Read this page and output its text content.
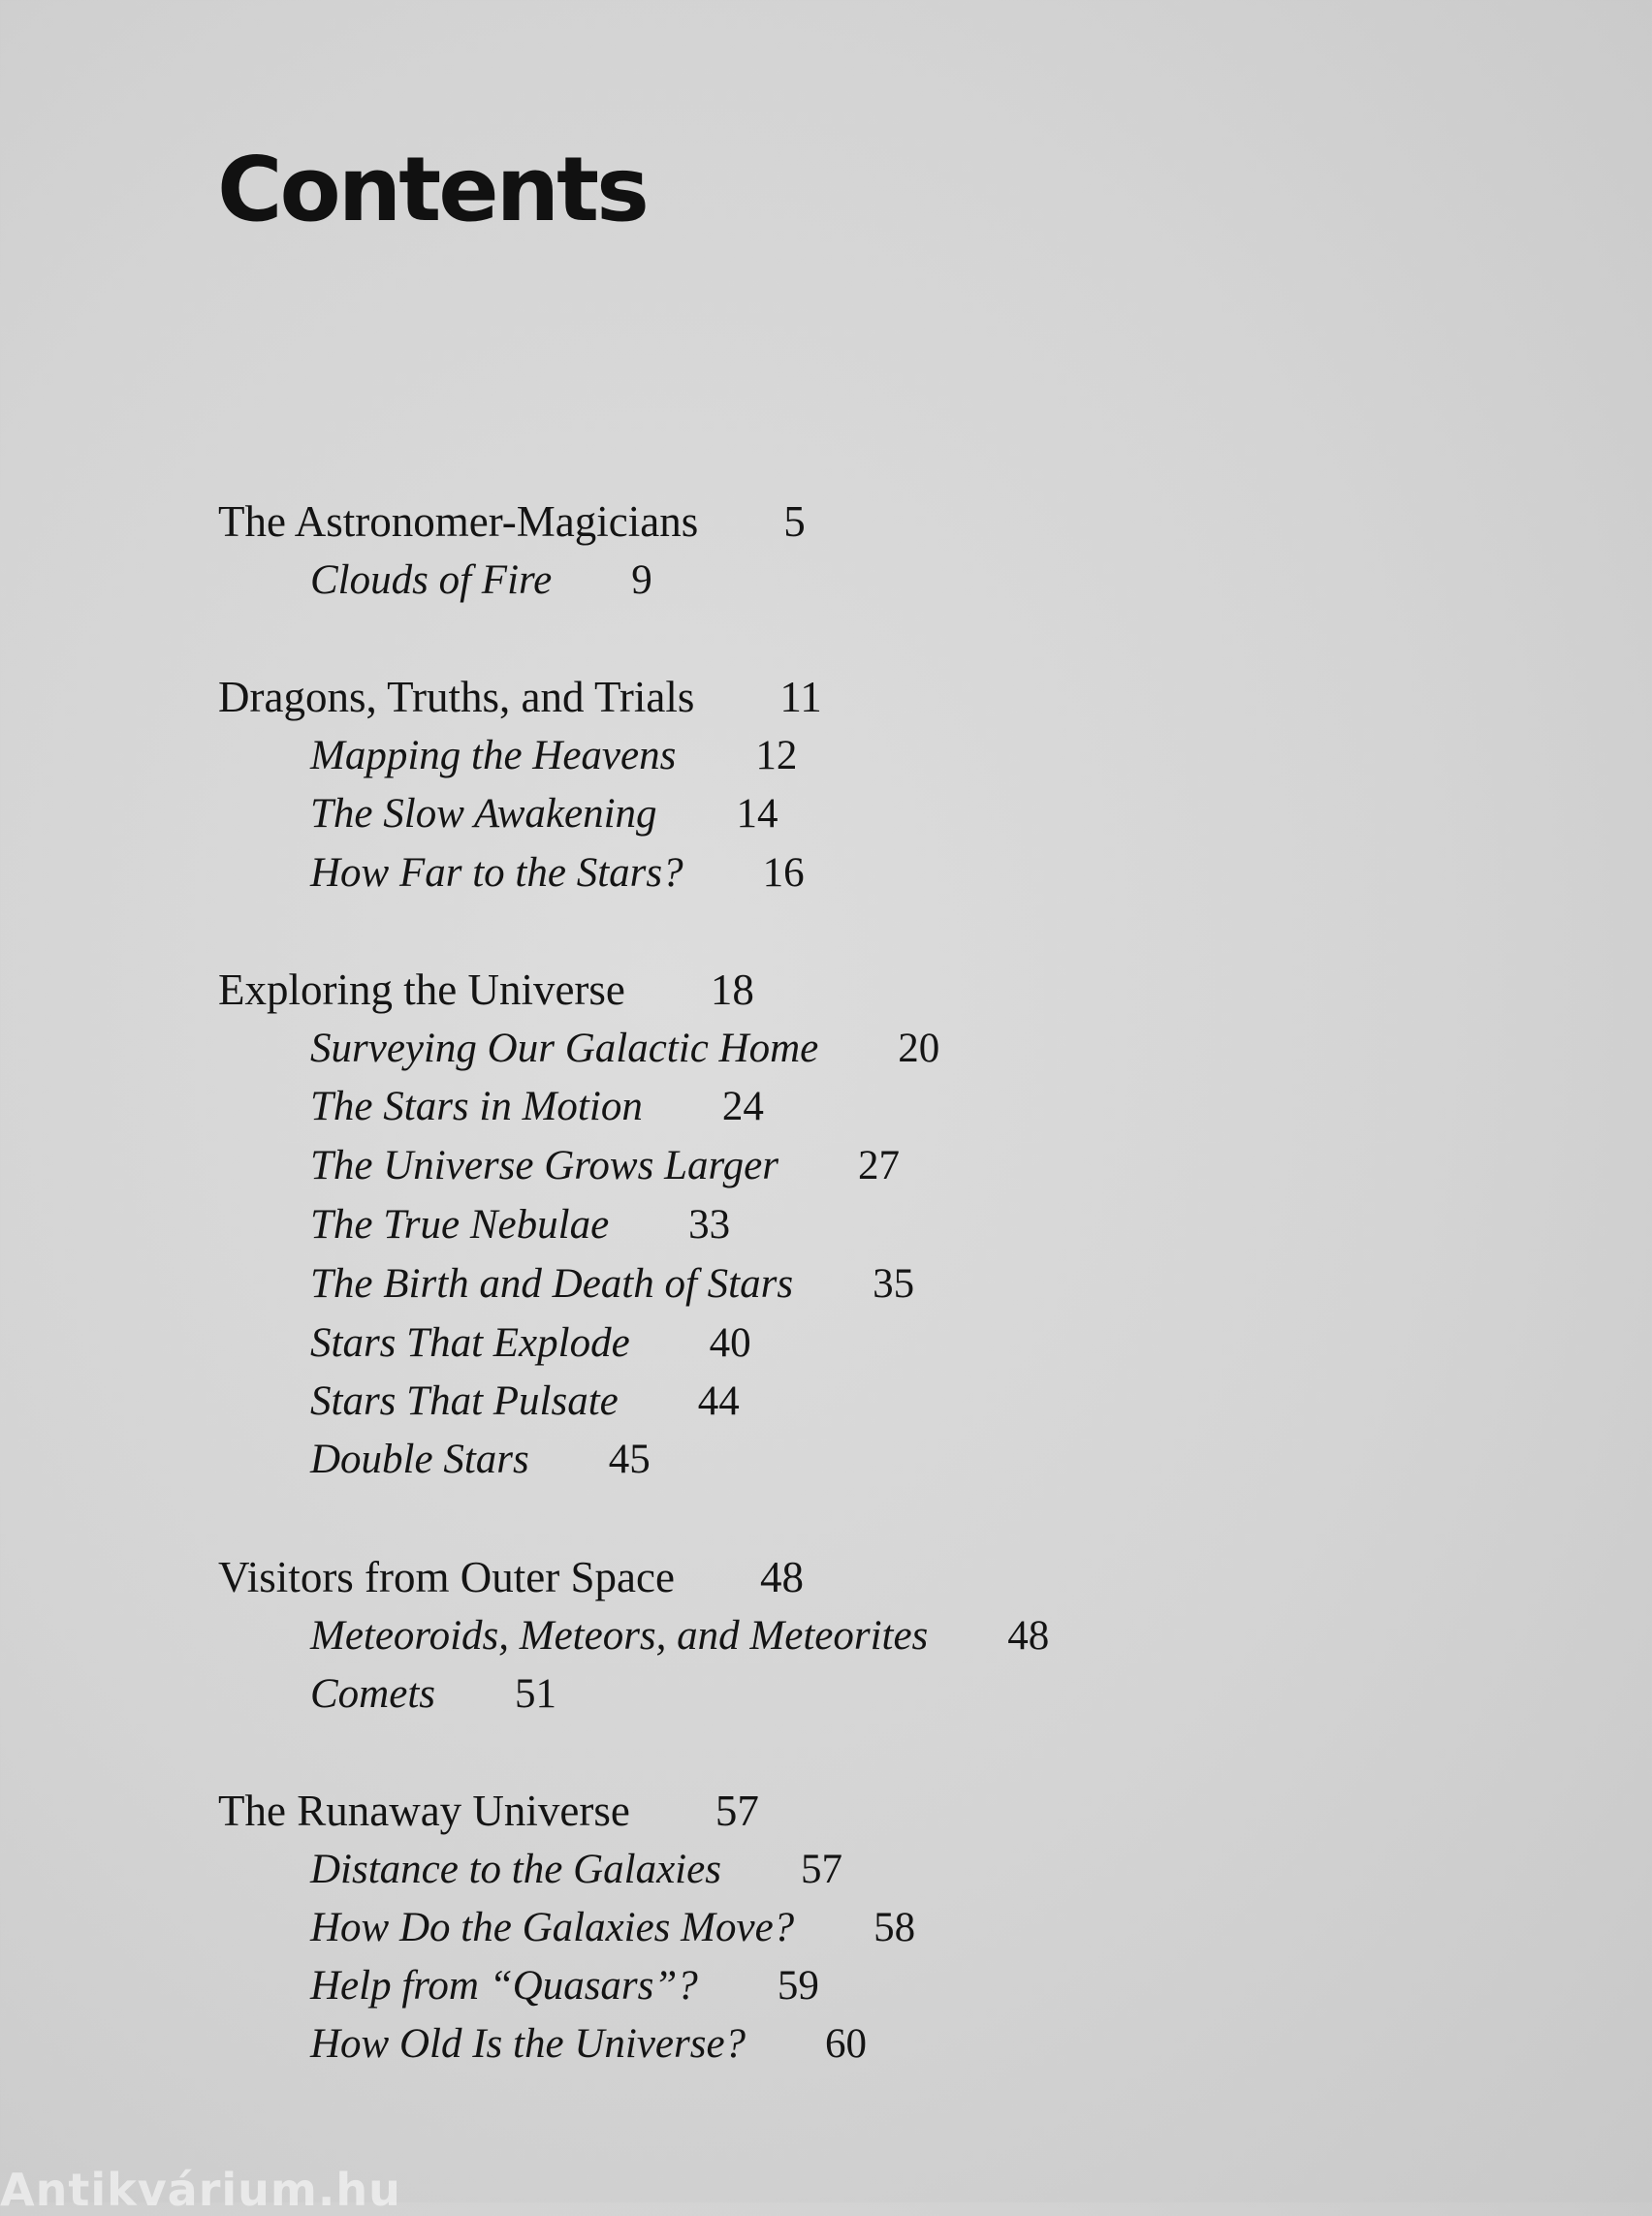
Contents
The Astronomer-Magicians 5
Clouds of Fire 9
Dragons, Truths, and Trials 11
Mapping the Heavens 12
The Slow Awakening 14
How Far to the Stars? 16
Exploring the Universe 18
Surveying Our Galactic Home 20
The Stars in Motion 24
The Universe Grows Larger 27
The True Nebulae 33
The Birth and Death of Stars 35
Stars That Explode 40
Stars That Pulsate 44
Double Stars 45
Visitors from Outer Space 48
Meteoroids, Meteors, and Meteorites 48
Comets 51
The Runaway Universe 57
Distance to the Galaxies 57
How Do the Galaxies Move? 58
Help from “Quasars”? 59
How Old Is the Universe? 60
Antikvárium.hu
